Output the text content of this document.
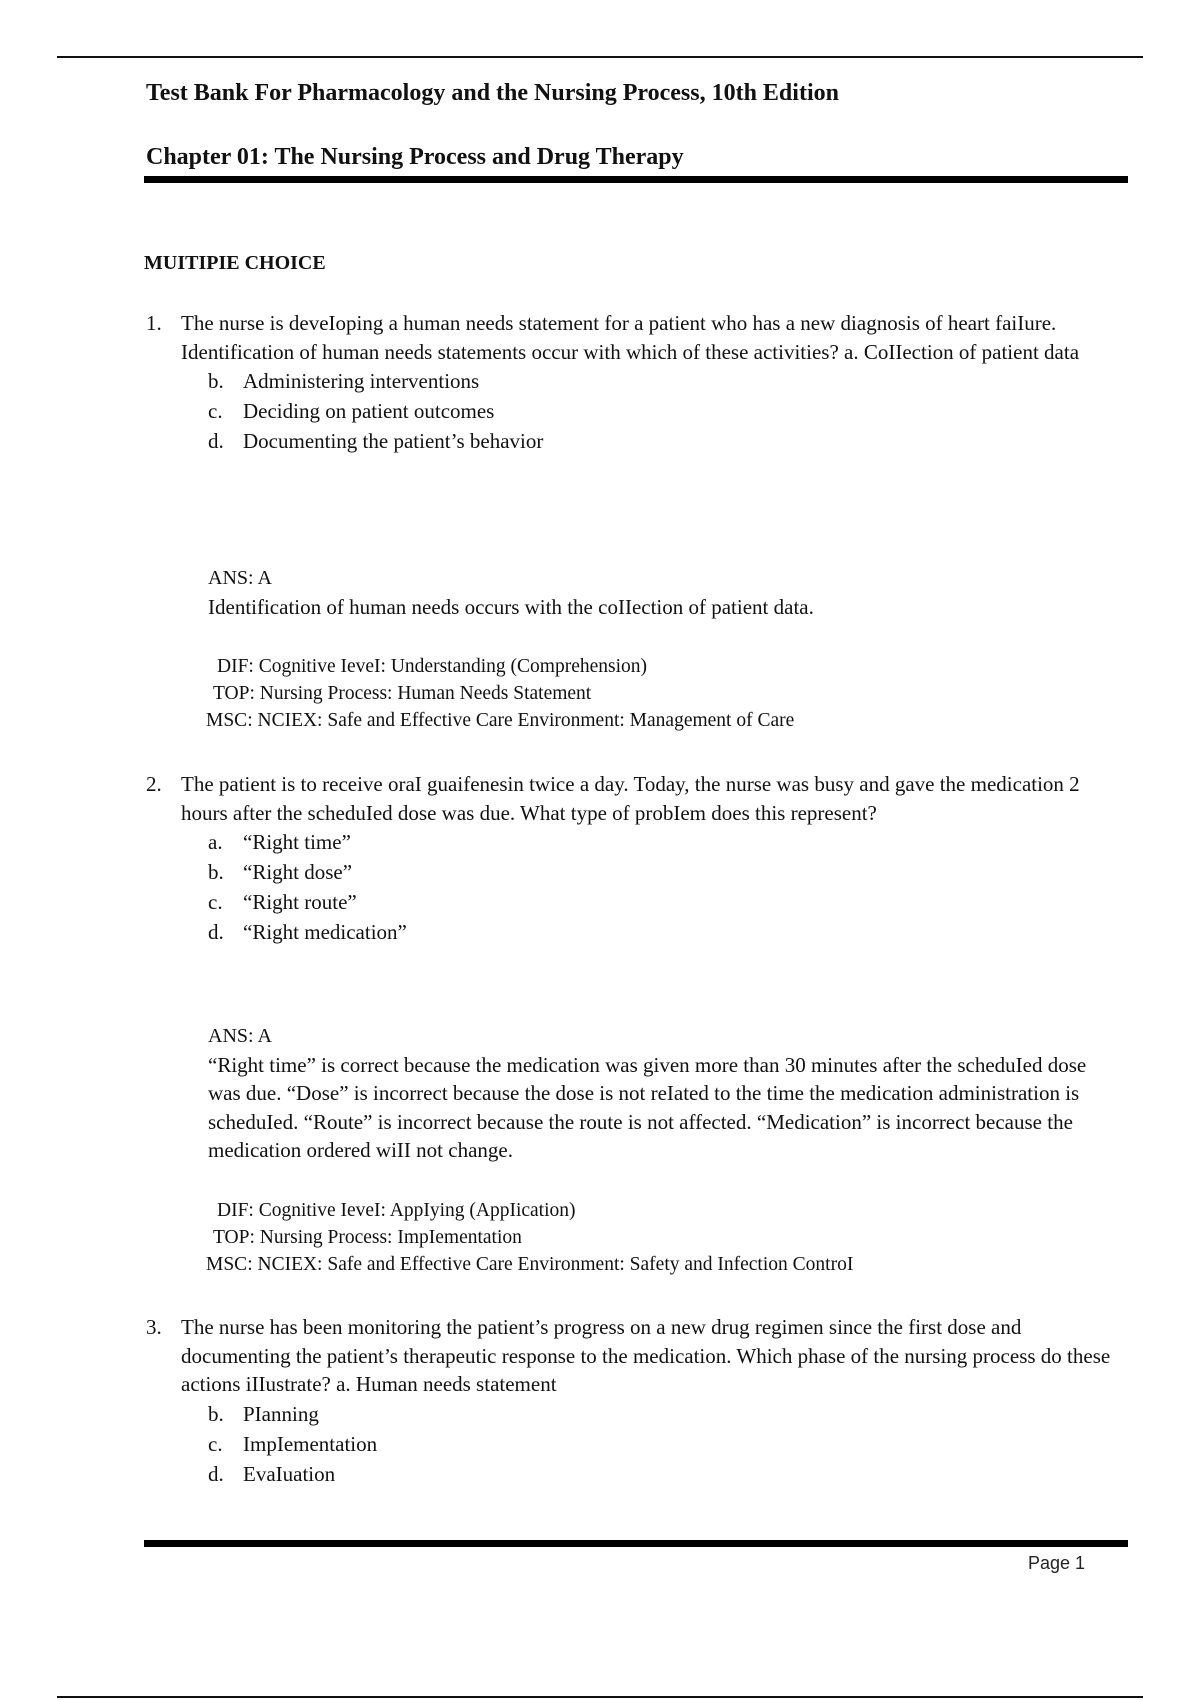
Test Bank For Pharmacology and the Nursing Process, 10th Edition
Chapter 01: The Nursing Process and Drug Therapy
MUITIPIE CHOICE
1. The nurse is deveIoping a human needs statement for a patient who has a new diagnosis of heart faiIure. Identification of human needs statements occur with which of these activities? a. CoIIection of patient data
b. Administering interventions
c. Deciding on patient outcomes
d. Documenting the patient’s behavior
ANS: A
Identification of human needs occurs with the coIIection of patient data.
DIF: Cognitive IeveI: Understanding (Comprehension)
TOP: Nursing Process: Human Needs Statement
MSC: NCIEX: Safe and Effective Care Environment: Management of Care
2. The patient is to receive oraI guaifenesin twice a day. Today, the nurse was busy and gave the medication 2 hours after the scheduIed dose was due. What type of probIem does this represent?
a. “Right time”
b. “Right dose”
c. “Right route”
d. “Right medication”
ANS: A
“Right time” is correct because the medication was given more than 30 minutes after the scheduIed dose was due. “Dose” is incorrect because the dose is not reIated to the time the medication administration is scheduIed. “Route” is incorrect because the route is not affected. “Medication” is incorrect because the medication ordered wiII not change.
DIF: Cognitive IeveI: AppIying (AppIication)
TOP: Nursing Process: ImpIementation
MSC: NCIEX: Safe and Effective Care Environment: Safety and Infection ControI
3. The nurse has been monitoring the patient’s progress on a new drug regimen since the first dose and documenting the patient’s therapeutic response to the medication. Which phase of the nursing process do these actions iIIustrate? a. Human needs statement
b. PIanning
c. ImpIementation
d. EvaIuation
Page 1
